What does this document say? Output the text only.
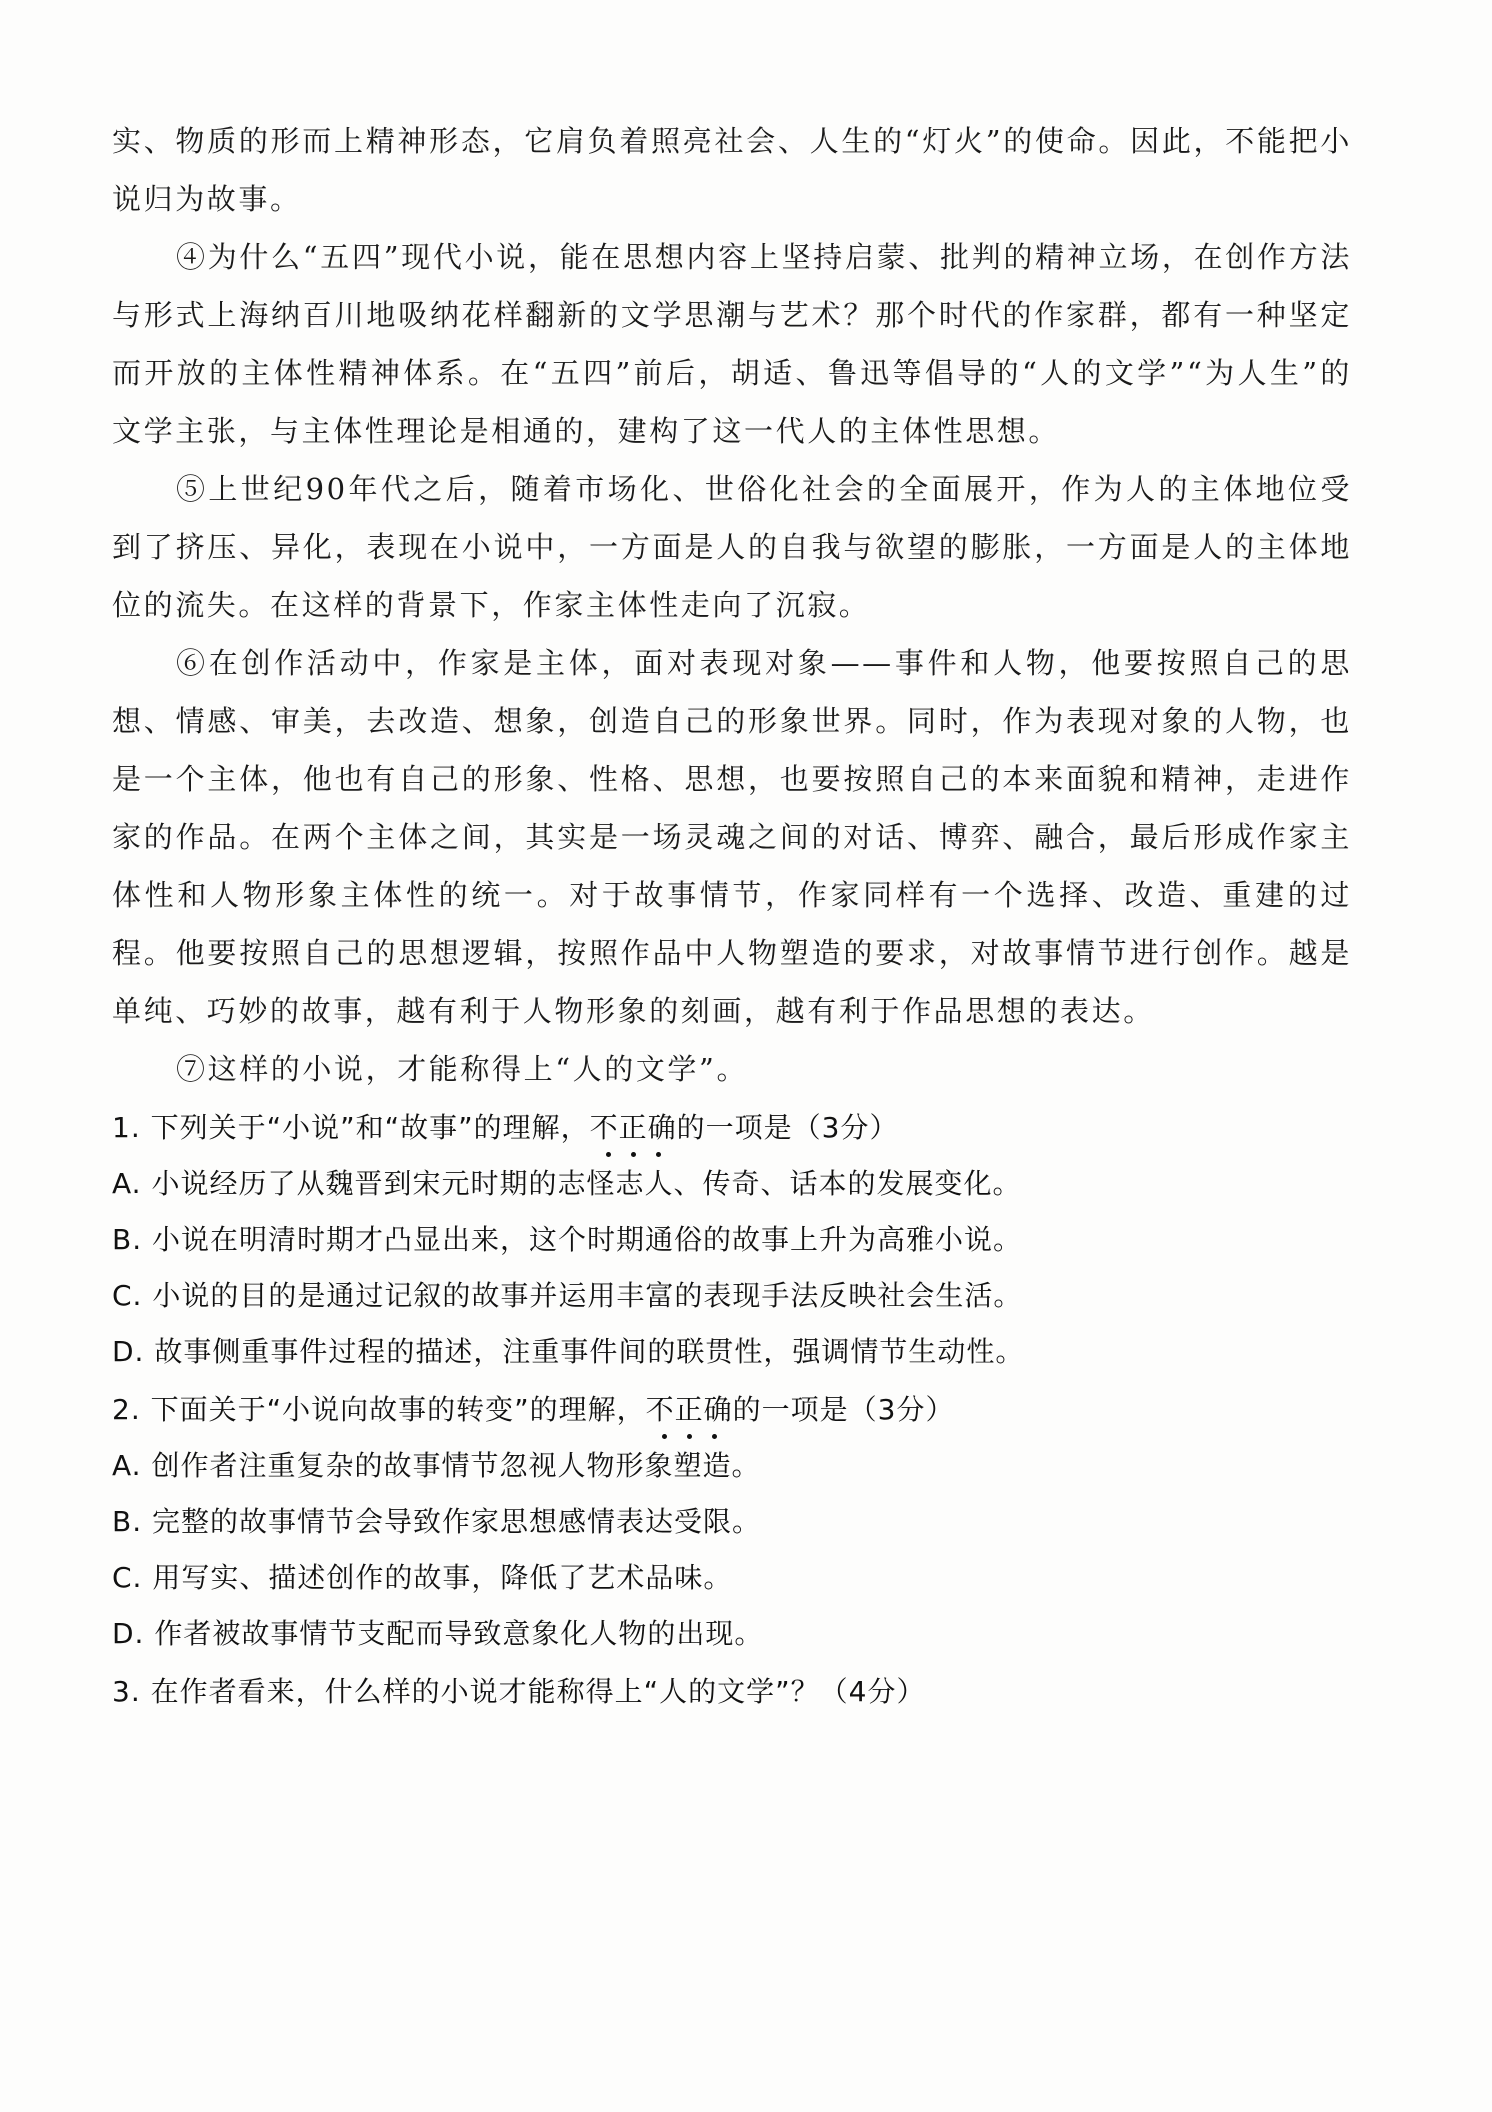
实、物质的形而上精神形态，它肩负着照亮社会、人生的“灯火”的使命。因此，不能把小说归为故事。

④为什么“五四”现代小说，能在思想内容上坚持启蒙、批判的精神立场，在创作方法与形式上海纳百川地吸纳花样翻新的文学思潮与艺术？那个时代的作家群，都有一种坚定而开放的主体性精神体系。在“五四”前后，胡适、鲁迅等倡导的“人的文学”“为人生”的文学主张，与主体性理论是相通的，建构了这一代人的主体性思想。

⑤上世纪90年代之后，随着市场化、世俗化社会的全面展开，作为人的主体地位受到了挤压、异化，表现在小说中，一方面是人的自我与欲望的膨胀，一方面是人的主体地位的流失。在这样的背景下，作家主体性走向了沉寂。

⑥在创作活动中，作家是主体，面对表现对象——事件和人物，他要按照自己的思想、情感、审美，去改造、想象，创造自己的形象世界。同时，作为表现对象的人物，也是一个主体，他也有自己的形象、性格、思想，也要按照自己的本来面貌和精神，走进作家的作品。在两个主体之间，其实是一场灵魂之间的对话、博弈、融合，最后形成作家主体性和人物形象主体性的统一。对于故事情节，作家同样有一个选择、改造、重建的过程。他要按照自己的思想逻辑，按照作品中人物塑造的要求，对故事情节进行创作。越是单纯、巧妙的故事，越有利于人物形象的刻画，越有利于作品思想的表达。

⑦这样的小说，才能称得上“人的文学”。

1. 下列关于“小说”和“故事”的理解，不正确
的一项是（3分）

A. 小说经历了从魏晋到宋元时期的志怪志人、传奇、话本的发展变化。

B. 小说在明清时期才凸显出来，这个时期通俗的故事上升为高雅小说。

C. 小说的目的是通过记叙的故事并运用丰富的表现手法反映社会生活。

D. 故事侧重事件过程的描述，注重事件间的联贯性，强调情节生动性。

2. 下面关于“小说向故事的转变”的理解，不正确
的一项是（3分）

A. 创作者注重复杂的故事情节忽视人物形象塑造。

B. 完整的故事情节会导致作家思想感情表达受限。

C. 用写实、描述创作的故事，降低了艺术品味。

D. 作者被故事情节支配而导致意象化人物的出现。

3. 在作者看来，什么样的小说才能称得上“人的文学”？（4分）
